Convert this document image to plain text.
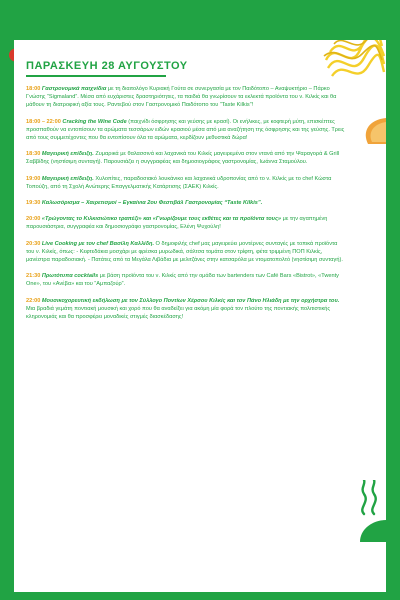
ΠΑΡΑΣΚΕΥΗ 28 ΑΥΓΟΥΣΤΟΥ

18:00 Γαστρονομικά παιχνίδια με τη διαιτολόγο Κυριακή Γούτα σε συνεργασία με τον Παιδότοπο – Αναψυκτήριο – Πάρκο Γνώσης “Sigmaland”. Μέσα από ευχάριστες δραστηριότητες, τα παιδιά θα γνωρίσουν τα εκλεκτά προϊόντα του ν. Κιλκίς και θα μάθουν τη διατροφική αξία τους. Ραντεβού στον Γαστρονομικό Παιδότοπο του “Taste Kilkis”!

18:00 – 22:00 Cracking the Wine Code (παιχνίδι όσφρησης και γεύσης με κρασί). Οι ενήλικες, με κοφτερή μύτη, επισκέπτες προσπαθούν να εντοπίσουν τα αρώματα τεσσάρων ειδών κρασιού μέσα από μια αναζήτηση της όσφρησης και της γεύσης. Τρεις από τους συμμετέχοντες που θα εντοπίσουν όλα τα αρώματα, κερδίζουν μεθυστικά δώρα!

18:30 Μαγειρική επίδειξη. Ζυμαρικά με θαλασσινά και λαχανικά του Κιλκίς μαγειρεμένα στον ντανά από την Ψαραγορά & Grill Σαββίδης (νηστίσιμη συνταγή). Παρουσιάζει η συγγραφέας και δημοσιογράφος γαστρονομίας, Ιωάννα Σταμούλου.

19:00 Μαγειρική επίδειξη. Χυλοπίτες, παραδοσιακό λουκάνικο και λαχανικά υδροπονίας από το ν. Κιλκίς με το chef Κώστα Τοπούζη, από τη Σχολή Ανώτερης Επαγγελματικής Κατάρτισης (ΣΑΕΚ) Κιλκίς.

19:30 Καλωσόρισμα – Χαιρετισμοί – Εγκαίνια 2ου Φεστιβάλ Γαστρονομίας “Taste Kilkis”.

20:00 «Τρώγοντας το Κιλκισιώτικο τραπέζι» και «Γνωρίζουμε τους εκθέτες και τα προϊόντα τους» με την αγαπημένη παρουσιάστρια, συγγραφέα και δημοσιογράφο γαστρονομίας, Ελένη Ψυχούλη!

20:30 Live Cooking με τον chef Βασίλη Καλλίδη. Ο δημοφιλής chef μας μαγειρεύει μοντέρνες συνταγές με τοπικά προϊόντα του ν. Κιλκίς, όπως: - Κεφτεδάκια μοσχάρι με φρέσκα μυρωδικά, σάλτσα τομάτα στον τρίφτη, φέτα τριμμένη ΠΟΠ Κιλκίς, μανέστρα παραδοσιακή. - Πατάτες από τα Μεγάλα Λιβάδια με μελιτζάνες στην κατσαρόλα με ντοματοπολτό (νηστίσιμη συνταγή).

21:30 Πρωτότυπα cocktails με βάση προϊόντα του ν. Κιλκίς από την ομάδα των bartenders των Café Bars «Bistrot», «Twenty One», του «Ανέβα» και του “Αμπαζούρ”.

22:00 Μουσικοχορευτική εκδήλωση με τον Σύλλογο Ποντίων Χέρσου Κιλκίς και τον Πάνο Ηλιάδη με την ορχήστρα του. Μια βραδιά γεμάτη ποντιακή μουσική και χορό που θα αναδείξει για ακόμη μία φορά τον πλούτο της ποντιακής πολιτιστικής κληρονομιάς και θα προσφέρει μοναδικές στιγμές διασκέδασης!
